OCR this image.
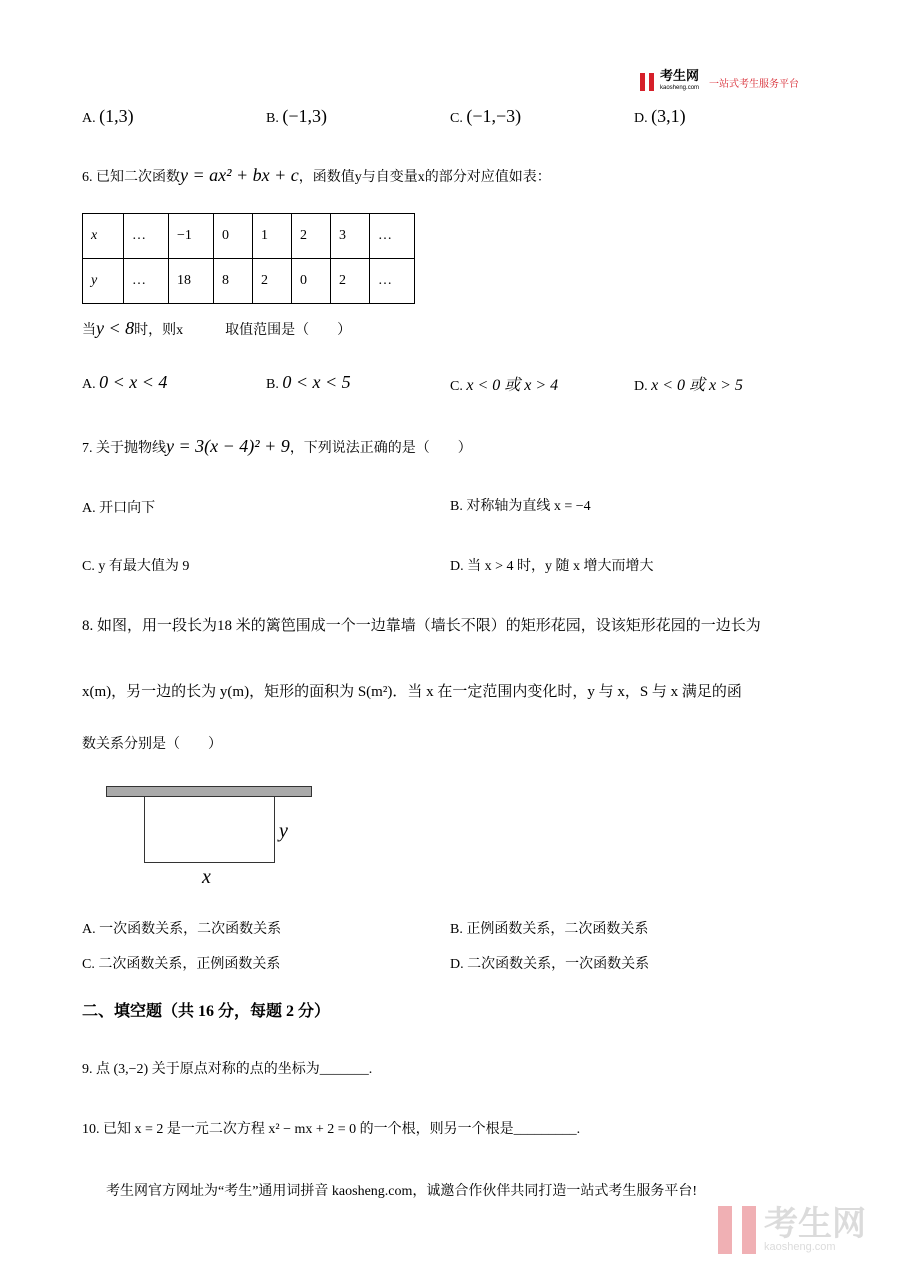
考生网
kaosheng.com 一站式考生服务平台
A. (1,3)	B. (−1,3)	C. (−1,−3)	D. (3,1)
6. 已知二次函数y = ax² + bx + c，函数值y与自变量x的部分对应值如表：
x	…	−1	0	1	2	3	…
y	…	18	8	2	0	2	…
当y < 8时，则x　　　取值范围是（　　）
A. 0 < x < 4	B. 0 < x < 5	C. x < 0 或 x > 4	D. x < 0 或 x > 5
7. 关于抛物线y = 3(x − 4)² + 9，下列说法正确的是（　　）
A. 开口向下	B. 对称轴为直线 x = −4
C. y 有最大值为 9	D. 当 x > 4 时，y 随 x 增大而增大
8. 如图，用一段长为18 米的篱笆围成一个一边靠墙（墙长不限）的矩形花园，设该矩形花园的一边长为
x(m)，另一边的长为 y(m)，矩形的面积为 S(m²)．当 x 在一定范围内变化时，y 与 x，S 与 x 满足的函
数关系分别是（　　）
y
x
A. 一次函数关系，二次函数关系	B. 正例函数关系，二次函数关系
C. 二次函数关系，正例函数关系	D. 二次函数关系，一次函数关系
二、填空题（共 16 分，每题 2 分）
9. 点 (3,−2) 关于原点对称的点的坐标为_______.
10. 已知 x = 2 是一元二次方程 x² − mx + 2 = 0 的一个根，则另一个根是_________.
考生网官方网址为“考生”通用词拼音 kaosheng.com，诚邀合作伙伴共同打造一站式考生服务平台!
考生网
kaosheng.com
